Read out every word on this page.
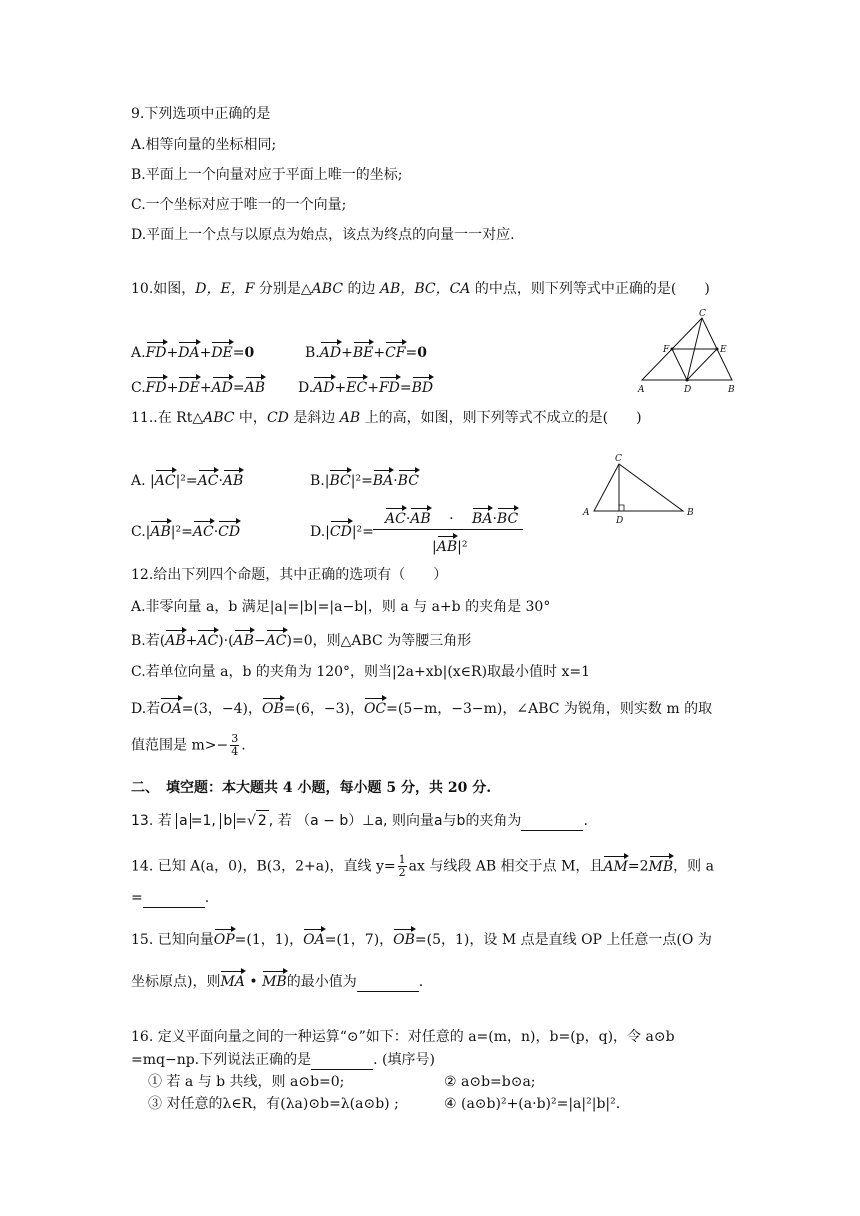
9.下列选项中正确的是
A.相等向量的坐标相同;
B.平面上一个向量对应于平面上唯一的坐标;
C.一个坐标对应于唯一的一个向量;
D.平面上一个点与以原点为始点，该点为终点的向量一一对应.
10.如图，D，E，F 分别是△ABC 的边 AB，BC，CA 的中点，则下列等式中正确的是(　　)
A.FD+DA+DE=0	B.AD+BE+CF=0
C.FD+DE+AD=AB D.AD+EC+FD=BD	A	B
C
D
E
F
11..在 Rt△ABC 中，CD 是斜边 AB 上的高，如图，则下列等式不成立的是(　　)
A. |AC|²=AC·AB	B.|BC|²=BA·BC
C.|AB|²=AC·CD	D.|CD|²=
AC·AB　 ·　 BA·BC
|AB|²
A	B
C
D
12.给出下列四个命题，其中正确的选项有（　　）
A.非零向量 a，b 满足|a|=|b|=|a−b|，则 a 与 a+b 的夹角是 30°
B.若(AB+AC)·(AB−AC)=0，则△ABC 为等腰三角形
C.若单位向量 a，b 的夹角为 120°，则当|2a+xb|(x∈R)取最小值时 x=1
D.若OA=(3，−4)，OB=(6，−3)，OC=(5−m，−3−m)，∠ABC 为锐角，则实数 m 的取
值范围是 $m>- \frac{3}{4}$ .
二、　填空题：本大题共 4 小题，每小题 5 分，共 20 分.
13. 若 a =1, b =√ 2 , 若 （a − b）⊥a, 则向量a与b的夹角为	.
14. 已知 A(a，0)，B(3，2+a)，直线 $y= \frac{1}{2}$ ax 与线段 AB 相交于点 M，且AM=2MB，则 a
=	.
15. 已知向量OP=(1，1)，OA=(1，7)，OB=(5，1)，设 M 点是直线 OP 上任意一点(O 为
坐标原点)，则MA • MB的最小值为	.
16. 定义平面向量之间的一种运算“⊙”如下：对任意的 a=(m，n)，b=(p，q)，令 a⊙b
=mq−np.下列说法正确的是	. (填序号)
① 若 a 与 b 共线，则 a⊙b=0;	② a⊙b=b⊙a;
③ 对任意的λ∈R，有(λa)⊙b=λ(a⊙b) ;	④ (a⊙b)²+(a·b)²=|a|²|b|².
